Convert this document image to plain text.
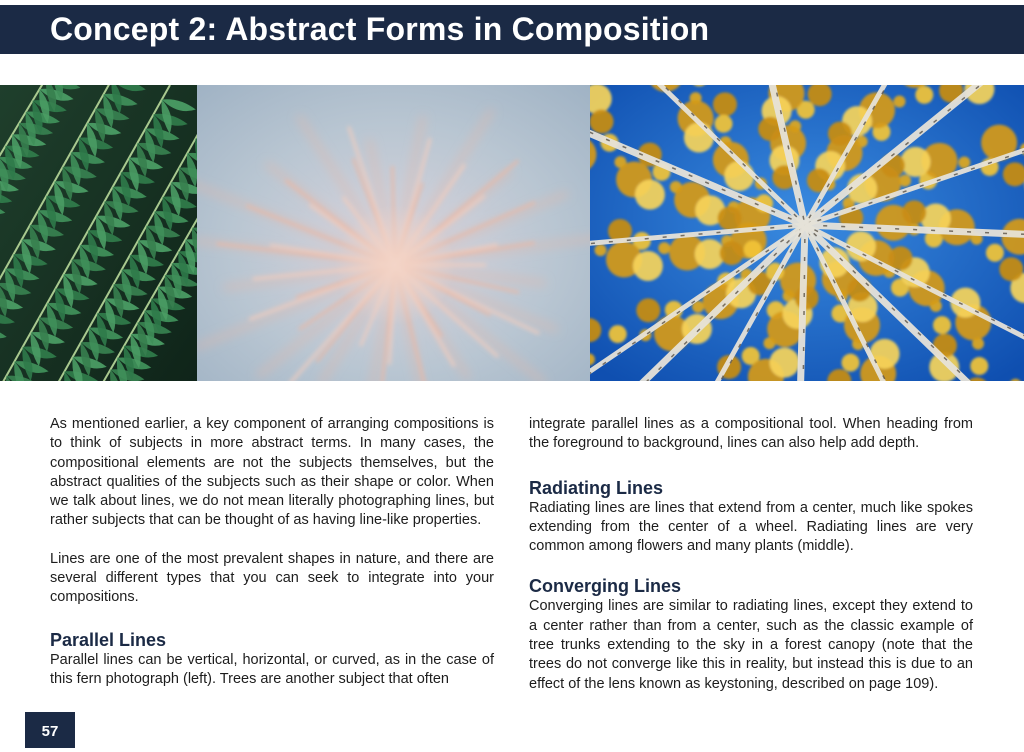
Concept 2: Abstract Forms in Composition

As mentioned earlier, a key component of arranging compositions is to think of subjects in more abstract terms. In many cases, the compositional elements are not the subjects themselves, but the abstract qualities of the subjects such as their shape or color. When we talk about lines, we do not mean literally photographing lines, but rather subjects that can be thought of as having line-like properties.

Lines are one of the most prevalent shapes in nature, and there are several different types that you can seek to integrate into your compositions.

Parallel Lines

Parallel lines can be vertical, horizontal, or curved, as in the case of this fern photograph (left). Trees are another subject that often

integrate parallel lines as a compositional tool. When heading from the foreground to background, lines can also help add depth.

Radiating Lines

Radiating lines are lines that extend from a center, much like spokes extending from the center of a wheel. Radiating lines are very common among flowers and many plants (middle).

Converging Lines

Converging lines are similar to radiating lines, except they extend to a center rather than from a center, such as the classic example of tree trunks extending to the sky in a forest canopy (note that the trees do not converge like this in reality, but instead this is due to an effect of the lens known as keystoning, described on page 109).

57
